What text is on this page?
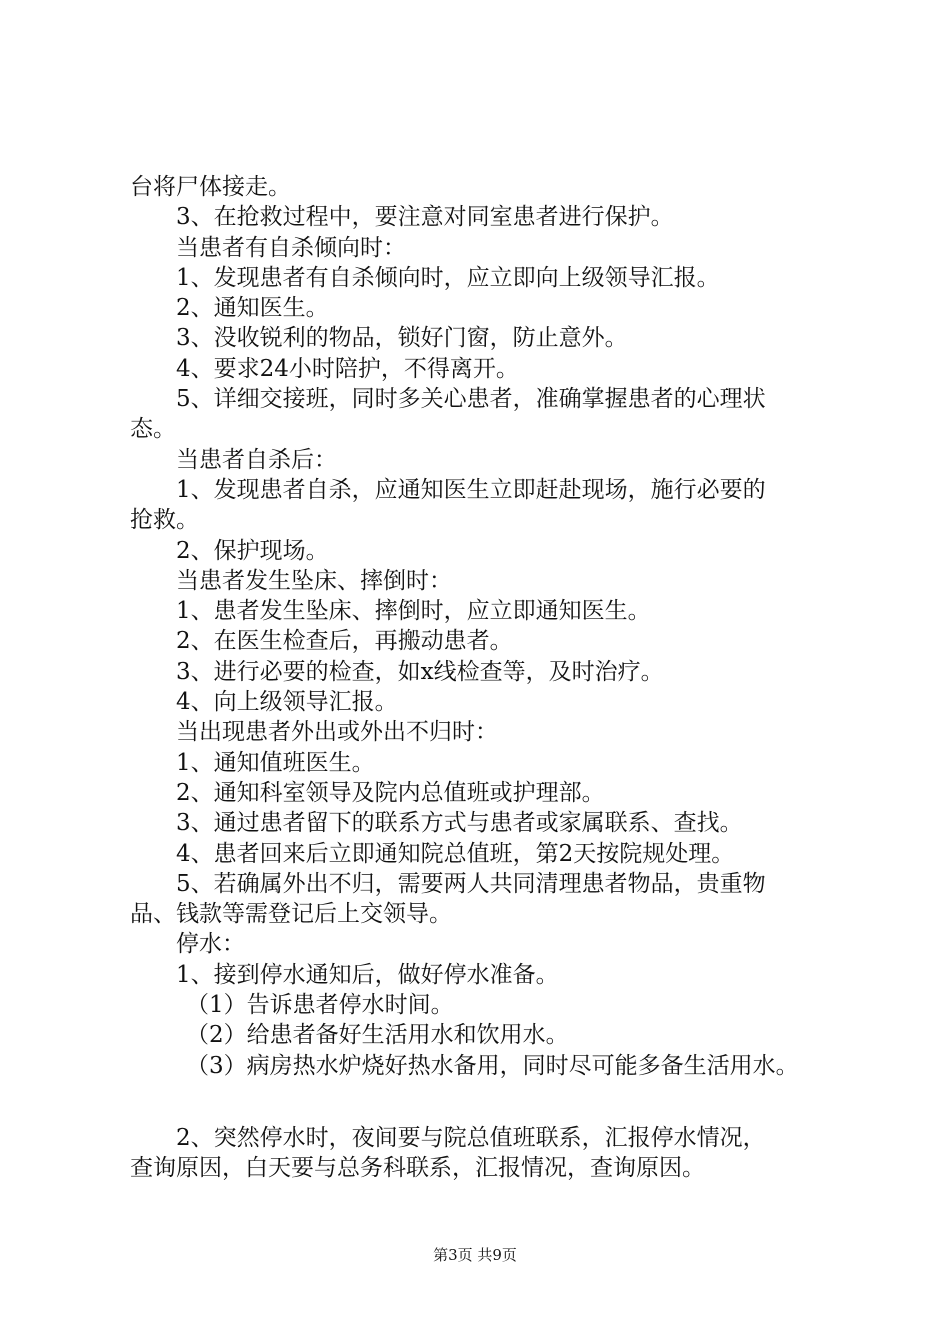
台将尸体接走。
3、在抢救过程中，要注意对同室患者进行保护。
当患者有自杀倾向时：
1、发现患者有自杀倾向时，应立即向上级领导汇报。
2、通知医生。
3、没收锐利的物品，锁好门窗，防止意外。
4、要求24小时陪护，不得离开。
5、详细交接班，同时多关心患者，准确掌握患者的心理状
态。
当患者自杀后：
1、发现患者自杀，应通知医生立即赶赴现场，施行必要的
抢救。
2、保护现场。
当患者发生坠床、摔倒时：
1、患者发生坠床、摔倒时，应立即通知医生。
2、在医生检查后，再搬动患者。
3、进行必要的检查，如x线检查等，及时治疗。
4、向上级领导汇报。
当出现患者外出或外出不归时：
1、通知值班医生。
2、通知科室领导及院内总值班或护理部。
3、通过患者留下的联系方式与患者或家属联系、查找。
4、患者回来后立即通知院总值班，第2天按院规处理。
5、若确属外出不归，需要两人共同清理患者物品，贵重物
品、钱款等需登记后上交领导。
停水：
1、接到停水通知后，做好停水准备。
（1）告诉患者停水时间。
（2）给患者备好生活用水和饮用水。
（3）病房热水炉烧好热水备用，同时尽可能多备生活用水。
2、突然停水时，夜间要与院总值班联系，汇报停水情况，
查询原因，白天要与总务科联系，汇报情况，查询原因。
第3页 共9页
